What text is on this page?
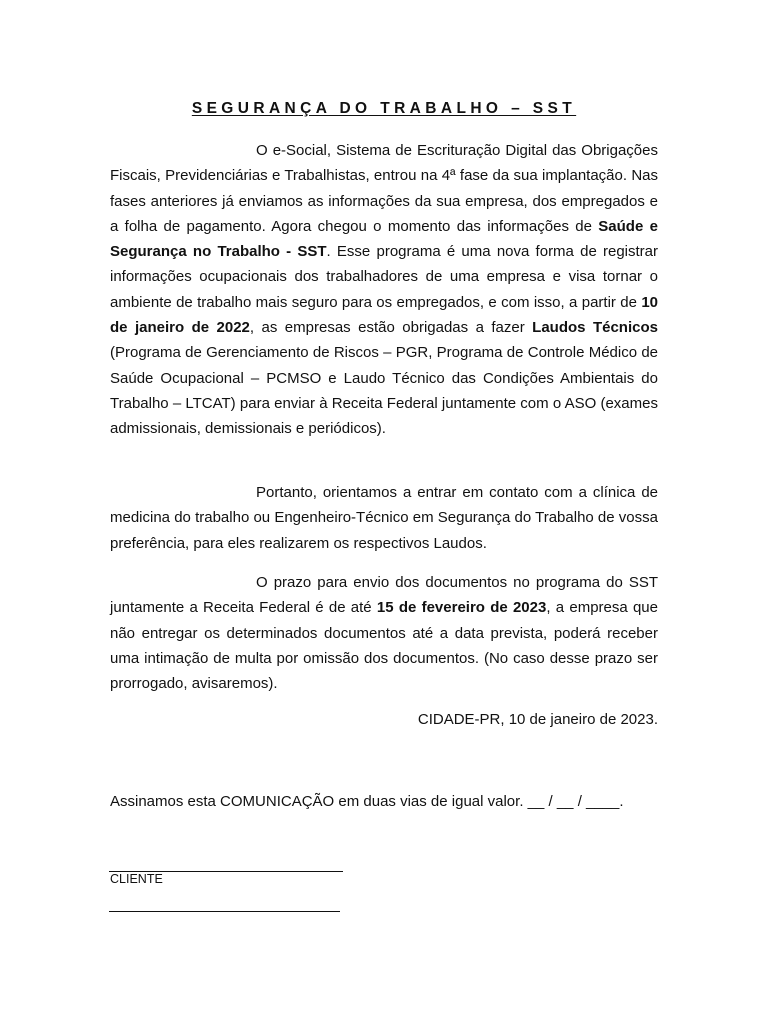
SEGURANÇA DO TRABALHO – SST

O e-Social, Sistema de Escrituração Digital das Obrigações Fiscais, Previdenciárias e Trabalhistas, entrou na 4ª fase da sua implantação. Nas fases anteriores já enviamos as informações da sua empresa, dos empregados e a folha de pagamento. Agora chegou o momento das informações de Saúde e Segurança no Trabalho - SST. Esse programa é uma nova forma de registrar informações ocupacionais dos trabalhadores de uma empresa e visa tornar o ambiente de trabalho mais seguro para os empregados, e com isso, a partir de 10 de janeiro de 2022, as empresas estão obrigadas a fazer Laudos Técnicos (Programa de Gerenciamento de Riscos – PGR, Programa de Controle Médico de Saúde Ocupacional – PCMSO e Laudo Técnico das Condições Ambientais do Trabalho – LTCAT) para enviar à Receita Federal juntamente com o ASO (exames admissionais, demissionais e periódicos).

Portanto, orientamos a entrar em contato com a clínica de medicina do trabalho ou Engenheiro-Técnico em Segurança do Trabalho de vossa preferência, para eles realizarem os respectivos Laudos.

O prazo para envio dos documentos no programa do SST juntamente a Receita Federal é de até 15 de fevereiro de 2023, a empresa que não entregar os determinados documentos até a data prevista, poderá receber uma intimação de multa por omissão dos documentos. (No caso desse prazo ser prorrogado, avisaremos).

CIDADE-PR, 10 de janeiro de 2023.
Assinamos esta COMUNICAÇÃO em duas vias de igual valor. __ / __ / ____.
CLIENTE
